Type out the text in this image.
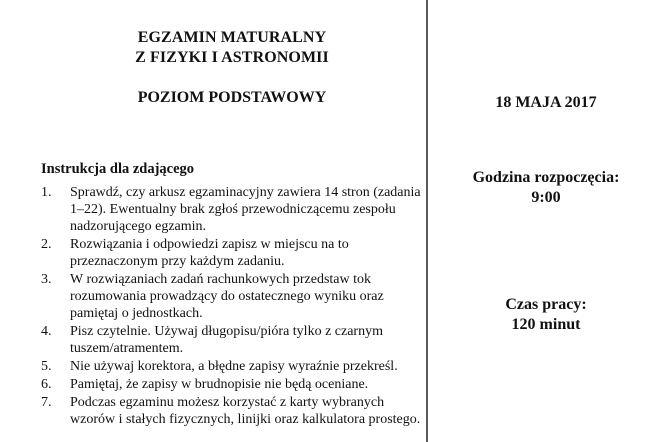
EGZAMIN MATURALNY
Z FIZYKI I ASTRONOMII
POZIOM PODSTAWOWY
Instrukcja dla zdającego
1.	Sprawdź, czy arkusz egzaminacyjny zawiera 14 stron (zadania 1–22). Ewentualny brak zgłoś przewodniczącemu zespołu nadzorującego egzamin.
2.	Rozwiązania i odpowiedzi zapisz w miejscu na to przeznaczonym przy każdym zadaniu.
3.	W rozwiązaniach zadań rachunkowych przedstaw tok rozumowania prowadzący do ostatecznego wyniku oraz pamiętaj o jednostkach.
4.	Pisz czytelnie. Używaj długopisu/pióra tylko z czarnym tuszem/atramentem.
5.	Nie używaj korektora, a błędne zapisy wyraźnie przekreśl.
6.	Pamiętaj, że zapisy w brudnopisie nie będą oceniane.
7.	Podczas egzaminu możesz korzystać z karty wybranych wzorów i stałych fizycznych, linijki oraz kalkulatora prostego.
18 MAJA 2017
Godzina rozpoczęcia:
9:00
Czas pracy:
120 minut
